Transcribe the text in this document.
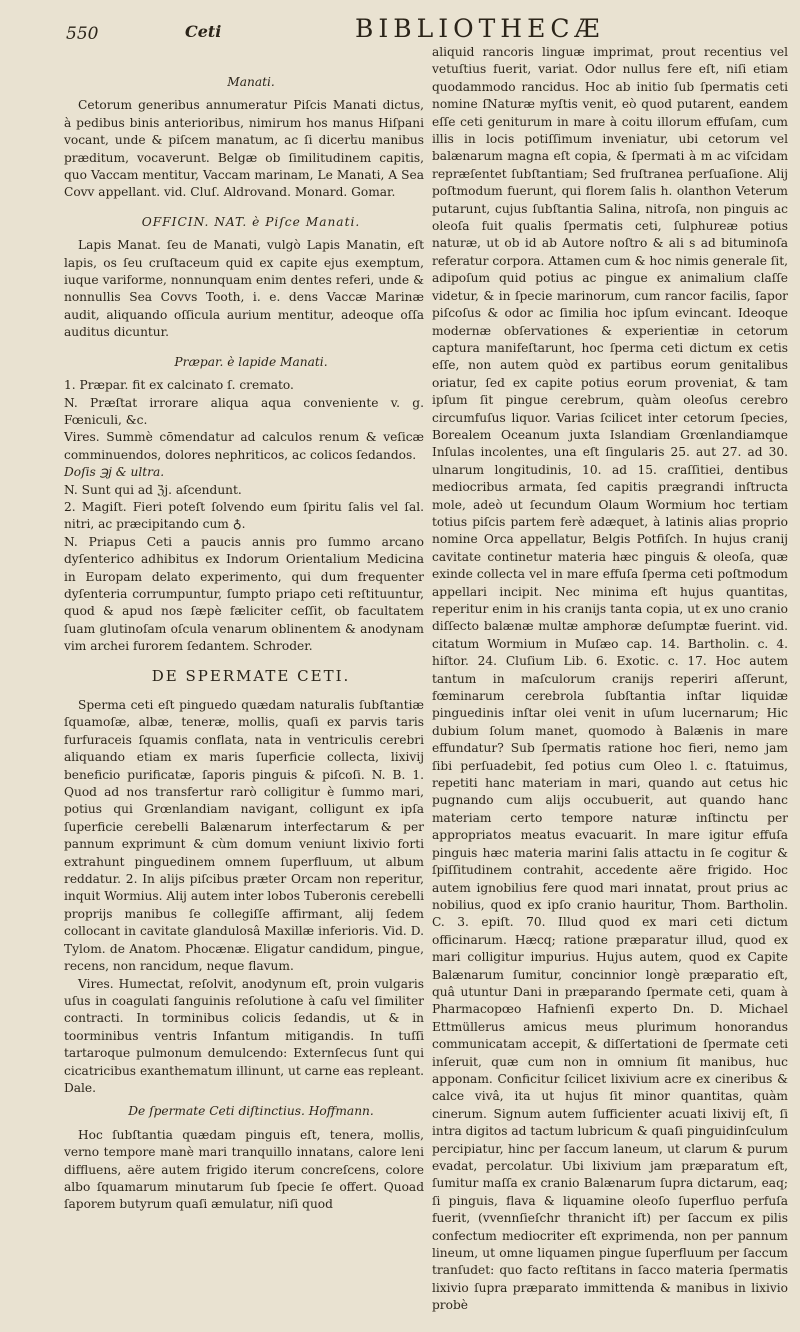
550	Ceti	BIBLIOTHECÆ

Manati.

Cetorum generibus annumeratur Piſcis Manati dictus, à pedibus binis anterioribus, nimirum hos manus Hiſpani vocant, unde & piſcem manatum, ac ſi dicerես manibus præditum, vocaverunt. Belgæ ob ſimilitudinem capitis, quo Vaccam mentitur, Vaccam marinam, Le Manati, A Sea Covv appellant. vid. Cluſ. Aldrovand. Monard. Gomar.

OFFICIN. NAT. è Piſce Manati.

Lapis Manat. ſeu de Manati, vulgò Lapis Manatin, eſt lapis, os ſeu cruſtaceum quid ex capite ejus exemptum, iuque variforme, nonnunquam enim dentes referi, unde & nonnullis Sea Covvs Tooth, i. e. dens Vaccæ Marinæ audit, aliquando oſſicula aurium mentitur, adeoque oſſa auditus dicuntur.

Præpar. è lapide Manati.

1. Præpar. fit ex calcinato ſ. cremato.

N. Præſtat irrorare aliqua aqua conveniente v. g. Fœniculi, &c.

Vires. Summè cōmendatur ad calculos renum & veſicæ comminuendos, dolores nephriticos, ac colicos ſedandos.

Doſis ℈j & ultra.

N. Sunt qui ad ℨj. aſcendunt.

2. Magiſt. Fieri poteſt ſolvendo eum ſpiritu ſalis vel ſal. nitri, ac præcipitando cum ♁.

N. Priapus Ceti a paucis annis pro ſummo arcano dyſenterico adhibitus ex Indorum Orientalium Medicina in Europam delato experimento, qui dum frequenter dyſenteria corrumpuntur, ſumpto priapo ceti reſtituuntur, quod & apud nos ſæpè fæliciter ceſſit, ob facultatem ſuam glutinoſam oſcula venarum oblinentem & anodynam vim archei furorem ſedantem. Schroder.

DE SPERMATE CETI.

Sperma ceti eſt pinguedo quædam naturalis ſubſtantiæ ſquamoſæ, albæ, teneræ, mollis, quaſi ex parvis taris furfuraceis ſquamis conflata, nata in ventriculis cerebri aliquando etiam ex maris ſuperficie collecta, lixivij beneficio purificatæ, ſaporis pinguis & piſcoſi. N. B. 1. Quod ad nos transfertur rarò colligitur è ſummo mari, potius qui Grœnlandiam navigant, colligunt ex ipſa ſuperficie cerebelli Balænarum interfectarum & per pannum exprimunt & cùm domum veniunt lixivio forti extrahunt pinguedinem omnem ſuperfluum, ut album reddatur. 2. In alijs piſcibus præter Orcam non reperitur, inquit Wormius. Alij autem inter lobos Tuberonis cerebelli proprijs manibus ſe collegiſſe affirmant, alij ſedem collocant in cavitate glandulosâ Maxillæ inferioris. Vid. D. Tylom. de Anatom. Phocænæ. Eligatur candidum, pingue, recens, non rancidum, neque flavum.

Vires. Humectat, reſolvit, anodynum eſt, proin vulgaris uſus in coagulati ſanguinis reſolutione à caſu vel ſimiliter contracti. In torminibus colicis ſedandis, ut & in toorminibus ventris Infantum mitigandis. In tuſſi tartaroque pulmonum demulcendo: Externſecus ſunt qui cicatricibus exanthematum illinunt, ut carne eas repleant. Dale.

De ſpermate Ceti diſtinctius. Hoffmann.

Hoc ſubſtantia quædam pinguis eſt, tenera, mollis, verno tempore manè mari tranquillo innatans, calore leni diffluens, aëre autem frigido iterum concreſcens, colore albo ſquamarum minutarum ſub ſpecie ſe offert. Quoad ſaporem butyrum quaſi æmulatur, niſi quod

aliquid rancoris linguæ imprimat, prout recentius vel vetuſtius fuerit, variat. Odor nullus fere eſt, niſi etiam quodammodo rancidus. Hoc ab initio ſub ſpermatis ceti nomine ſNaturæ myſtis venit, eò quod putarent, eandem eſſe ceti geniturum in mare à coitu illorum effuſam, cum illis in locis potiſſimum inveniatur, ubi cetorum vel balænarum magna eſt copia, & ſpermati à m ac viſcidam repræſentet ſubſtantiam; Sed fruſtranea perſuaſione. Alij poſtmodum fuerunt, qui florem ſalis h. olanthon Veterum putarunt, cujus ſubſtantia Salina, nitroſa, non pinguis ac oleoſa fuit qualis ſpermatis ceti, ſulphureæ potius naturæ, ut ob id ab Autore noſtro & ali s ad bituminoſa referatur corpora. Attamen cum & hoc nimis generale ſit, adipoſum quid potius ac pingue ex animalium claſſe videtur, & in ſpecie marinorum, cum rancor facilis, ſapor piſcoſus & odor ac ſimilia hoc ipſum evincant. Ideoque modernæ obſervationes & experientiæ in cetorum captura manifeſtarunt, hoc ſperma ceti dictum ex cetis eſſe, non autem quòd ex partibus eorum genitalibus oriatur, ſed ex capite potius eorum proveniat, & tam ipſum ſit pingue cerebrum, quàm oleoſus cerebro circumfuſus liquor. Varias ſcilicet inter cetorum ſpecies, Borealem Oceanum juxta Islandiam Grœnlandiamque Inſulas incolentes, una eſt ſingularis 25. aut 27. ad 30. ulnarum longitudinis, 10. ad 15. craſſitiei, dentibus mediocribus armata, ſed capitis prægrandi inſtructa mole, adeò ut ſecundum Olaum Wormium hoc tertiam totius piſcis partem ferè adæquet, à latinis alias proprio nomine Orca appellatur, Belgis Potfiſch. In hujus cranij cavitate continetur materia hæc pinguis & oleoſa, quæ exinde collecta vel in mare effuſa ſperma ceti poſtmodum appellari incipit. Nec minima eſt hujus quantitas, reperitur enim in his cranijs tanta copia, ut ex uno cranio diſſecto balænæ multæ amphoræ deſumptæ fuerint. vid. citatum Wormium in Muſæo cap. 14. Bartholin. c. 4. hiſtor. 24. Cluſium Lib. 6. Exotic. c. 17. Hoc autem tantum in maſculorum cranijs reperiri aſſerunt, fœminarum cerebrola ſubſtantia inſtar liquidæ pinguedinis inſtar olei venit in uſum lucernarum; Hic dubium ſolum manet, quomodo à Balænis in mare effundatur? Sub ſpermatis ratione hoc fieri, nemo jam ſibi perſuadebit, ſed potius cum Oleo l. c. ſtatuimus, repetiti hanc materiam in mari, quando aut cetus hic pugnando cum alijs occubuerit, aut quando hanc materiam certo tempore naturæ inſtinctu per appropriatos meatus evacuarit. In mare igitur effuſa pinguis hæc materia marini ſalis attactu in ſe cogitur & ſpiſſitudinem contrahit, accedente aëre frigido. Hoc autem ignobilius fere quod mari innatat, prout prius ac nobilius, quod ex ipſo cranio hauritur, Thom. Bartholin. C. 3. epiſt. 70. Illud quod ex mari ceti dictum officinarum. Hæcq; ratione præparatur illud, quod ex mari colligitur impurius. Hujus autem, quod ex Capite Balænarum ſumitur, concinnior longè præparatio eſt, quâ utuntur Dani in præparando ſpermate ceti, quam à Pharmacopœo Hafnienſi experto Dn. D. Michael Ettmüllerus amicus meus plurimum honorandus communicatam accepit, & diſſertationi de ſpermate ceti inſeruit, quæ cum non in omnium ſit manibus, huc apponam. Conficitur ſcilicet lixivium acre ex cineribus & calce vivâ, ita ut hujus ſit minor quantitas, quàm cinerum. Signum autem ſufficienter acuati lixivij eſt, ſi intra digitos ad tactum lubricum & quaſi pinguidinſculum percipiatur, hinc per ſaccum laneum, ut clarum & purum evadat, percolatur. Ubi lixivium jam præparatum eſt, ſumitur maſſa ex cranio Balænarum ſupra dictarum, eaq; ſi pinguis, flava & liquamine oleoſo ſuperfluo perfuſa fuerit, (vvennſieſchr thranicht iſt) per ſaccum ex pilis confectum mediocriter eſt exprimenda, non per pannum lineum, ut omne liquamen pingue ſuperfluum per ſaccum tranſudet: quo facto reſtitans in ſacco materia ſpermatis lixivio ſupra præparato immittenda & manibus in lixivio probè
